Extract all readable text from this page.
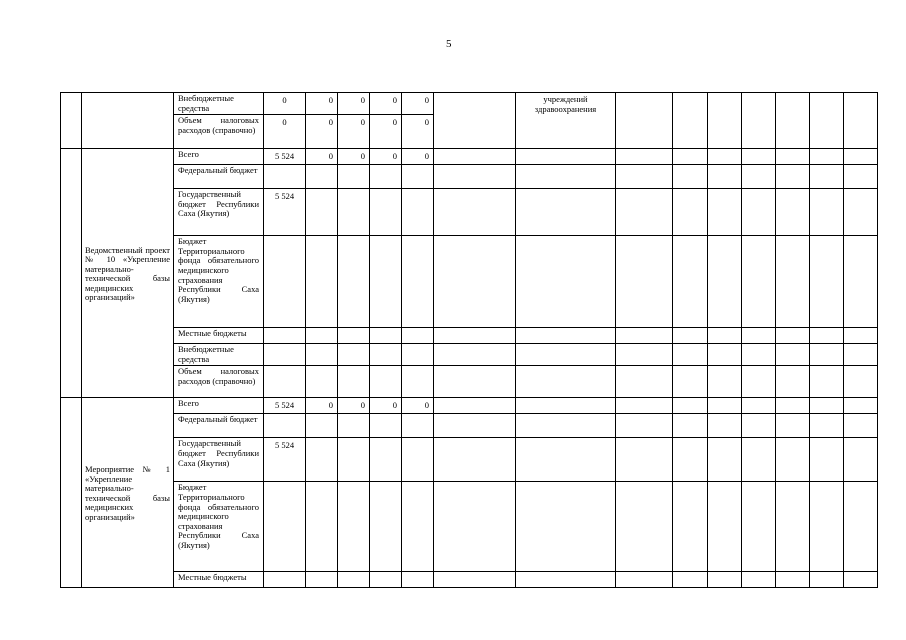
5

		Внебюджетные средства	0	0	0	0	0		учреждений здравоохранения							

		Объем налоговых расходов (справочно)	0	0	0	0	0									
	Ведомственный проект № 10 «Укрепление материально-технической базы медицинских организаций»	Всего	5 524	0	0	0	0									

		Федеральный бюджет														

		Государственный бюджет Республики Саха (Якутия)	5 524													

		Бюджет Территориального фонда обязательного медицинского страхования Республики Саха (Якутия)														

		Местные бюджеты														

		Внебюджетные средства														

		Объем налоговых расходов (справочно)														

	Мероприятие № 1 «Укрепление материально-технической базы медицинских организаций»	Всего	5 524	0	0	0	0									

		Федеральный бюджет														

		Государственный бюджет Республики Саха (Якутия)	5 524													

		Бюджет Территориального фонда обязательного медицинского страхования Республики Саха (Якутия)														

		Местные бюджеты														
